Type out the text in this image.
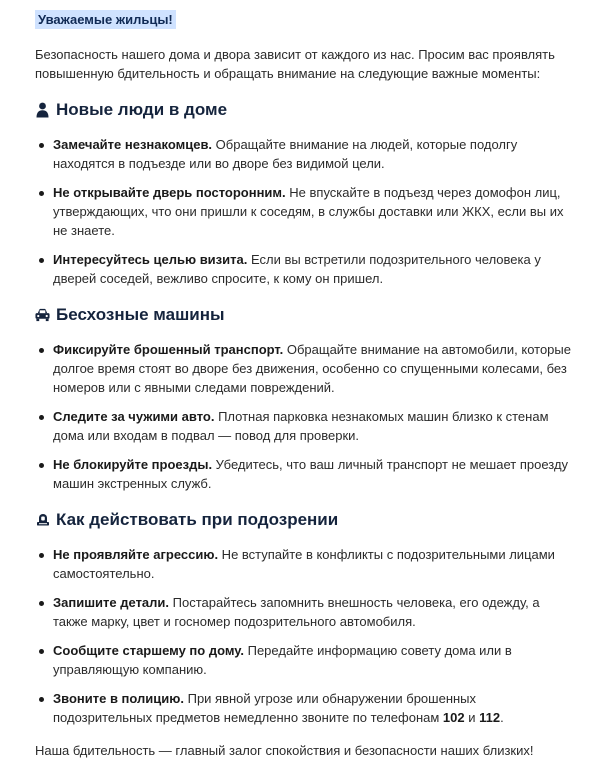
Уважаемые жильцы!

Безопасность нашего дома и двора зависит от каждого из нас. Просим вас проявлять повышенную бдительность и обращать внимание на следующие важные моменты:

Новые люди в доме
Замечайте незнакомцев. Обращайте внимание на людей, которые подолгу находятся в подъезде или во дворе без видимой цели.
Не открывайте дверь посторонним. Не впускайте в подъезд через домофон лиц, утверждающих, что они пришли к соседям, в службы доставки или ЖКХ, если вы их не знаете.
Интересуйтесь целью визита. Если вы встретили подозрительного человека у дверей соседей, вежливо спросите, к кому он пришел.
Бесхозные машины
Фиксируйте брошенный транспорт. Обращайте внимание на автомобили, которые долгое время стоят во дворе без движения, особенно со спущенными колесами, без номеров или с явными следами повреждений.
Следите за чужими авто. Плотная парковка незнакомых машин близко к стенам дома или входам в подвал — повод для проверки.
Не блокируйте проезды. Убедитесь, что ваш личный транспорт не мешает проезду машин экстренных служб.
Как действовать при подозрении
Не проявляйте агрессию. Не вступайте в конфликты с подозрительными лицами самостоятельно.
Запишите детали. Постарайтесь запомнить внешность человека, его одежду, а также марку, цвет и госномер подозрительного автомобиля.
Сообщите старшему по дому. Передайте информацию совету дома или в управляющую компанию.
Звоните в полицию. При явной угрозе или обнаружении брошенных подозрительных предметов немедленно звоните по телефонам 102 и 112.

Наша бдительность — главный залог спокойствия и безопасности наших близких!
